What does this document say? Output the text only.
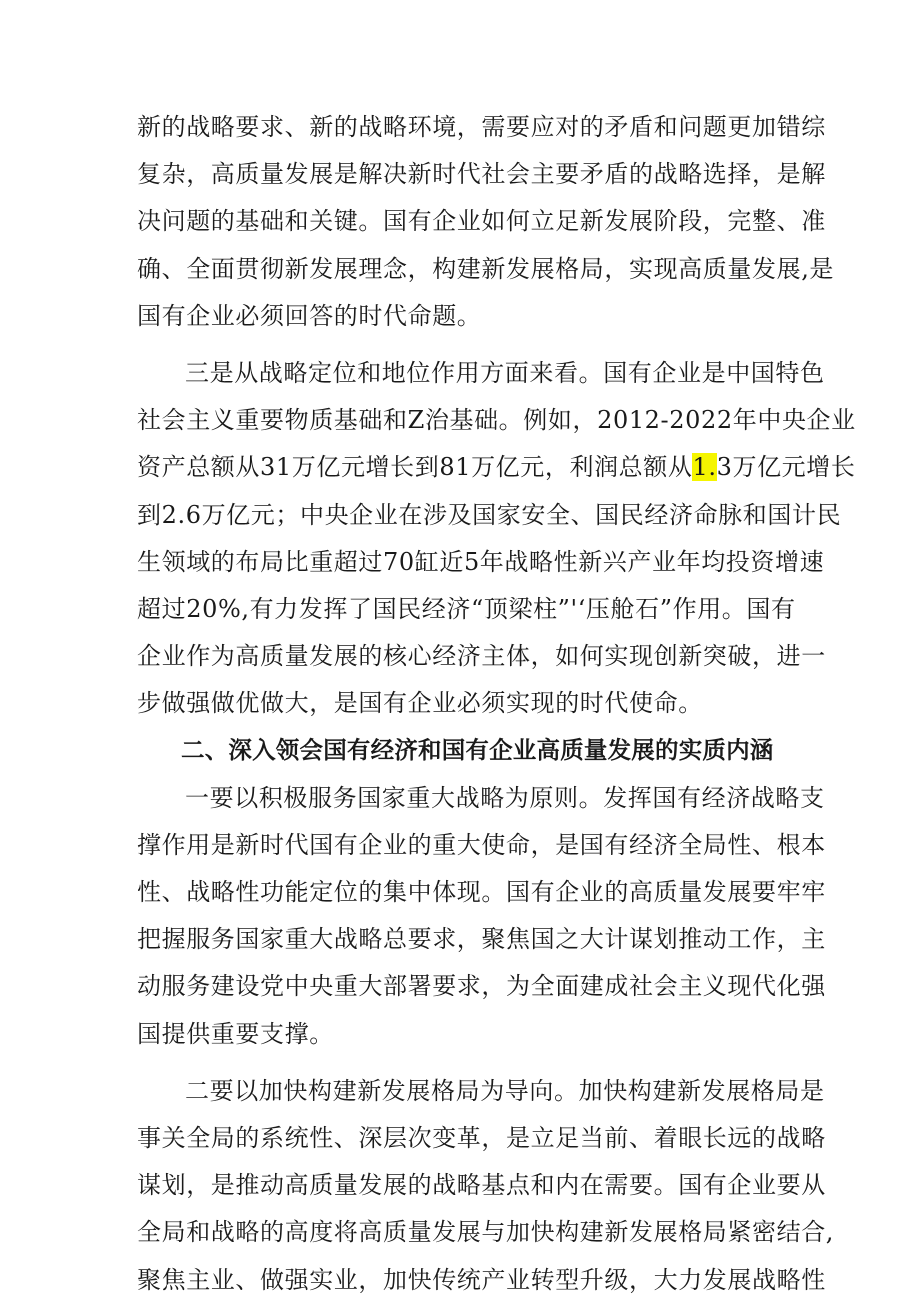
新的战略要求、新的战略环境，需要应对的矛盾和问题更加错综
复杂，高质量发展是解决新时代社会主要矛盾的战略选择，是解
决问题的基础和关键。国有企业如何立足新发展阶段，完整、准
确、全面贯彻新发展理念，构建新发展格局，实现高质量发展,是
国有企业必须回答的时代命题。
三是从战略定位和地位作用方面来看。国有企业是中国特色
社会主义重要物质基础和Z治基础。例如，2012-2022年中央企业
资产总额从31万亿元增长到81万亿元，利润总额从1.3万亿元增长
到2.6万亿元；中央企业在涉及国家安全、国民经济命脉和国计民
生领域的布局比重超过70缸近5年战略性新兴产业年均投资增速
超过20%,有力发挥了国民经济“顶梁柱”'‘压舱石”作用。国有
企业作为高质量发展的核心经济主体，如何实现创新突破，进一
步做强做优做大，是国有企业必须实现的时代使命。
二、深入领会国有经济和国有企业高质量发展的实质内涵
一要以积极服务国家重大战略为原则。发挥国有经济战略支
撑作用是新时代国有企业的重大使命，是国有经济全局性、根本
性、战略性功能定位的集中体现。国有企业的高质量发展要牢牢
把握服务国家重大战略总要求，聚焦国之大计谋划推动工作，主
动服务建设党中央重大部署要求，为全面建成社会主义现代化强
国提供重要支撑。
二要以加快构建新发展格局为导向。加快构建新发展格局是
事关全局的系统性、深层次变革，是立足当前、着眼长远的战略
谋划，是推动高质量发展的战略基点和内在需要。国有企业要从
全局和战略的高度将高质量发展与加快构建新发展格局紧密结合,
聚焦主业、做强实业，加快传统产业转型升级，大力发展战略性
